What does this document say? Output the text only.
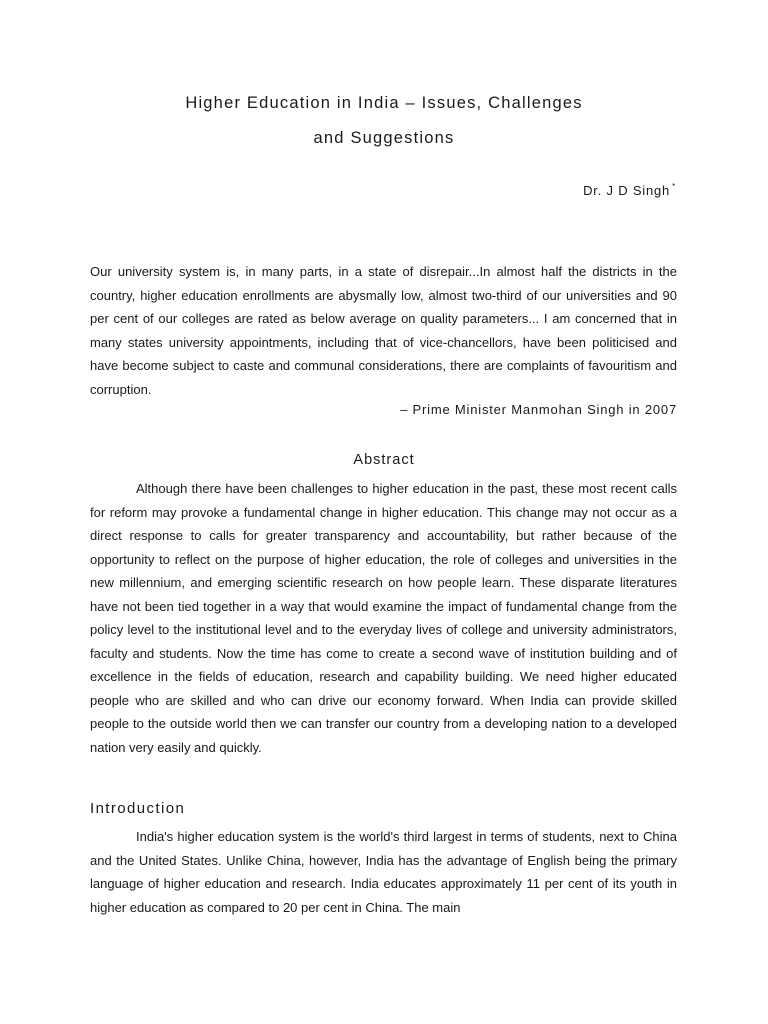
Higher Education in India – Issues, Challenges
and Suggestions
Dr. J D Singh *

Our university system is, in many parts, in a state of disrepair...In almost half the districts in the country, higher education enrollments are abysmally low, almost two-third of our universities and 90 per cent of our colleges are rated as below average on quality parameters... I am concerned that in many states university appointments, including that of vice-chancellors, have been politicised and have become subject to caste and communal considerations, there are complaints of favouritism and corruption.

– Prime Minister Manmohan Singh in 2007
Abstract

Although there have been challenges to higher education in the past, these most recent calls for reform may provoke a fundamental change in higher education. This change may not occur as a direct response to calls for greater transparency and accountability, but rather because of the opportunity to reflect on the purpose of higher education, the role of colleges and universities in the new millennium, and emerging scientific research on how people learn. These disparate literatures have not been tied together in a way that would examine the impact of fundamental change from the policy level to the institutional level and to the everyday lives of college and university administrators, faculty and students. Now the time has come to create a second wave of institution building and of excellence in the fields of education, research and capability building. We need higher educated people who are skilled and who can drive our economy forward. When India can provide skilled people to the outside world then we can transfer our country from a developing nation to a developed nation very easily and quickly.

Introduction

India's higher education system is the world's third largest in terms of students, next to China and the United States. Unlike China, however, India has the advantage of English being the primary language of higher education and research. India educates approximately 11 per cent of its youth in higher education as compared to 20 per cent in China. The main
